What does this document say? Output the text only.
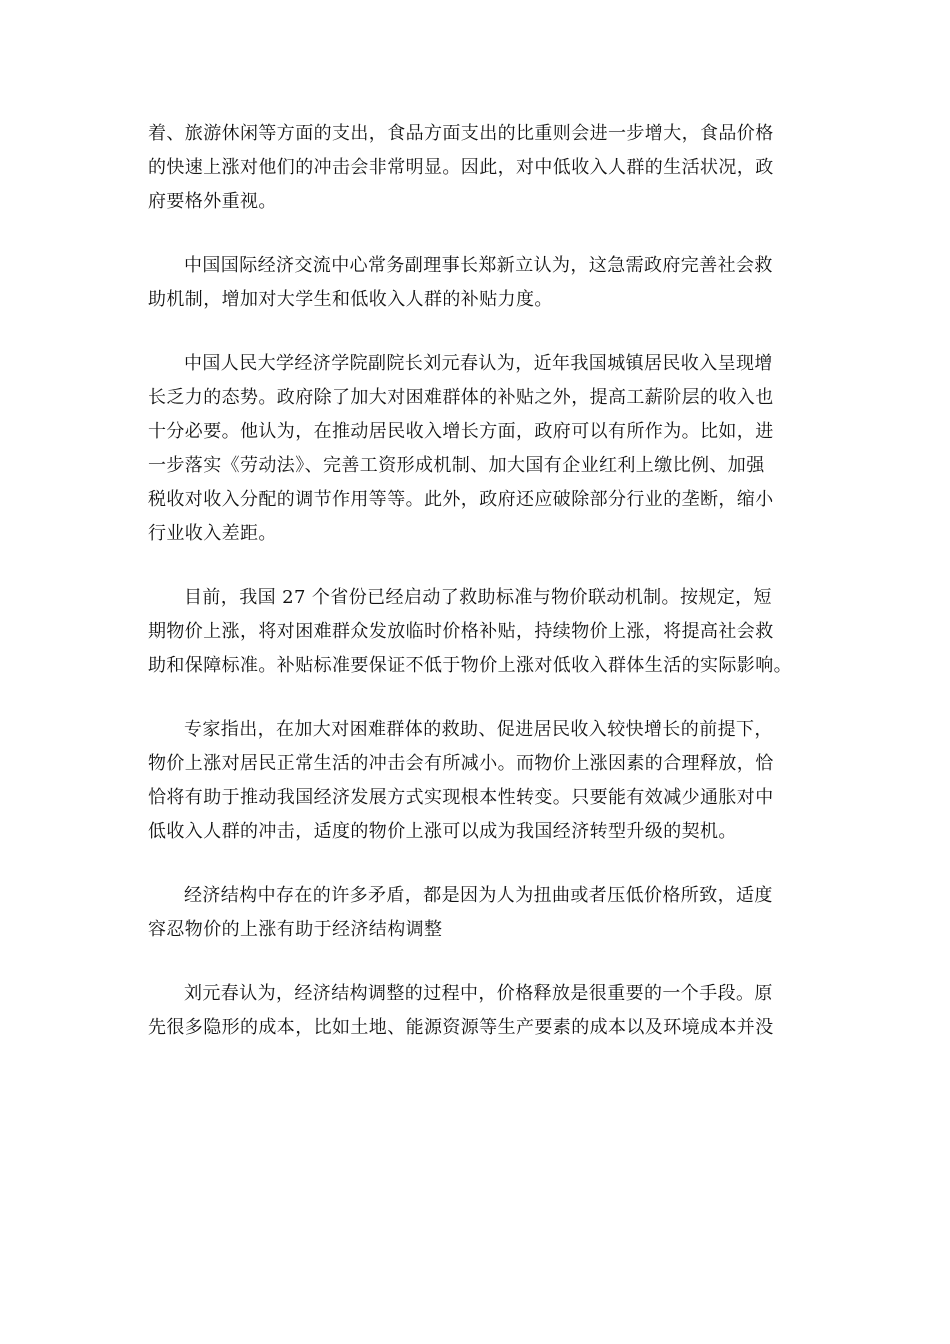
着、旅游休闲等方面的支出，食品方面支出的比重则会进一步增大，食品价格
的快速上涨对他们的冲击会非常明显。因此，对中低收入人群的生活状况，政
府要格外重视。
中国国际经济交流中心常务副理事长郑新立认为，这急需政府完善社会救
助机制，增加对大学生和低收入人群的补贴力度。
中国人民大学经济学院副院长刘元春认为，近年我国城镇居民收入呈现增
长乏力的态势。政府除了加大对困难群体的补贴之外，提高工薪阶层的收入也
十分必要。他认为，在推动居民收入增长方面，政府可以有所作为。比如，进
一步落实《劳动法》、完善工资形成机制、加大国有企业红利上缴比例、加强
税收对收入分配的调节作用等等。此外，政府还应破除部分行业的垄断，缩小
行业收入差距。
目前，我国 27 个省份已经启动了救助标准与物价联动机制。按规定，短
期物价上涨，将对困难群众发放临时价格补贴，持续物价上涨，将提高社会救
助和保障标准。补贴标准要保证不低于物价上涨对低收入群体生活的实际影响。
专家指出，在加大对困难群体的救助、促进居民收入较快增长的前提下，
物价上涨对居民正常生活的冲击会有所减小。而物价上涨因素的合理释放，恰
恰将有助于推动我国经济发展方式实现根本性转变。只要能有效减少通胀对中
低收入人群的冲击，适度的物价上涨可以成为我国经济转型升级的契机。
经济结构中存在的许多矛盾，都是因为人为扭曲或者压低价格所致，适度
容忍物价的上涨有助于经济结构调整
刘元春认为，经济结构调整的过程中，价格释放是很重要的一个手段。原
先很多隐形的成本，比如土地、能源资源等生产要素的成本以及环境成本并没
